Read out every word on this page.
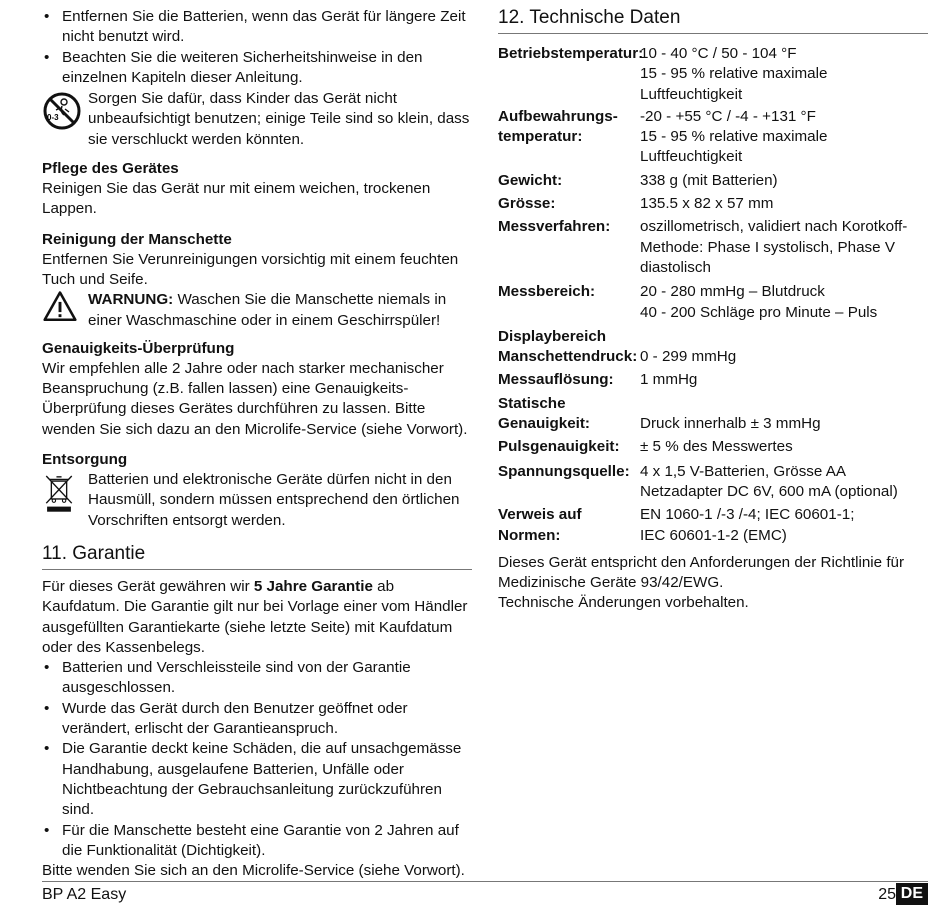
• Entfernen Sie die Batterien, wenn das Gerät für längere Zeit nicht benutzt wird.
• Beachten Sie die weiteren Sicherheitshinweise in den einzelnen Kapiteln dieser Anleitung.
0-3

Sorgen Sie dafür, dass Kinder das Gerät nicht unbeaufsichtigt benutzen; einige Teile sind so klein, dass sie verschluckt werden könnten.

Pflege des Gerätes

Reinigen Sie das Gerät nur mit einem weichen, trockenen Lappen.

Reinigung der Manschette

Entfernen Sie Verunreinigungen vorsichtig mit einem feuchten Tuch und Seife.

WARNUNG: Waschen Sie die Manschette niemals in einer Waschmaschine oder in einem Geschirrspüler!

Genauigkeits-Überprüfung

Wir empfehlen alle 2 Jahre oder nach starker mechanischer Beanspruchung (z.B. fallen lassen) eine Genauigkeits-Überprüfung dieses Gerätes durchführen zu lassen. Bitte wenden Sie sich dazu an den Microlife-Service (siehe Vorwort).

Entsorgung

Batterien und elektronische Geräte dürfen nicht in den Hausmüll, sondern müssen entsprechend den örtlichen Vorschriften entsorgt werden.

11. Garantie

Für dieses Gerät gewähren wir 5 Jahre Garantie ab Kaufdatum. Die Garantie gilt nur bei Vorlage einer vom Händler ausgefüllten Garantiekarte (siehe letzte Seite) mit Kaufdatum oder des Kassenbelegs.

• Batterien und Verschleissteile sind von der Garantie ausgeschlossen.
• Wurde das Gerät durch den Benutzer geöffnet oder verändert, erlischt der Garantieanspruch.
• Die Garantie deckt keine Schäden, die auf unsachgemässe Handhabung, ausgelaufene Batterien, Unfälle oder Nichtbeachtung der Gebrauchsanleitung zurückzuführen sind.
• Für die Manschette besteht eine Garantie von 2 Jahren auf die Funktionalität (Dichtigkeit).

Bitte wenden Sie sich an den Microlife-Service (siehe Vorwort).

12. Technische Daten
Betriebstemperatur:
10 - 40 °C / 50 - 104 °F
15 - 95 % relative maximale Luftfeuchtigkeit
Aufbewahrungs-
temperatur:
-20 - +55 °C / -4 - +131 °F
15 - 95 % relative maximale Luftfeuchtigkeit
Gewicht:	338 g (mit Batterien)
Grösse:	135.5 x 82 x 57 mm
Messverfahren:	oszillometrisch, validiert nach Korotkoff-Methode: Phase I systolisch, Phase V diastolisch
Messbereich:	20 - 280 mmHg – Blutdruck
40 - 200 Schläge pro Minute – Puls
Displaybereich
Manschettendruck:
0 - 299 mmHg
Messauflösung:	1 mmHg
Statische
Genauigkeit:	
Druck innerhalb ± 3 mmHg
Pulsgenauigkeit:	± 5 % des Messwertes
Spannungsquelle: 4 x 1,5 V-Batterien, Grösse AA
Netzadapter DC 6V, 600 mA (optional)
Verweis auf
Normen:
EN 1060-1 /-3 /-4; IEC 60601-1;
IEC 60601-1-2 (EMC)

Dieses Gerät entspricht den Anforderungen der Richtlinie für Medizinische Geräte 93/42/EWG.

Technische Änderungen vorbehalten.

BP A2 Easy	25 DE
